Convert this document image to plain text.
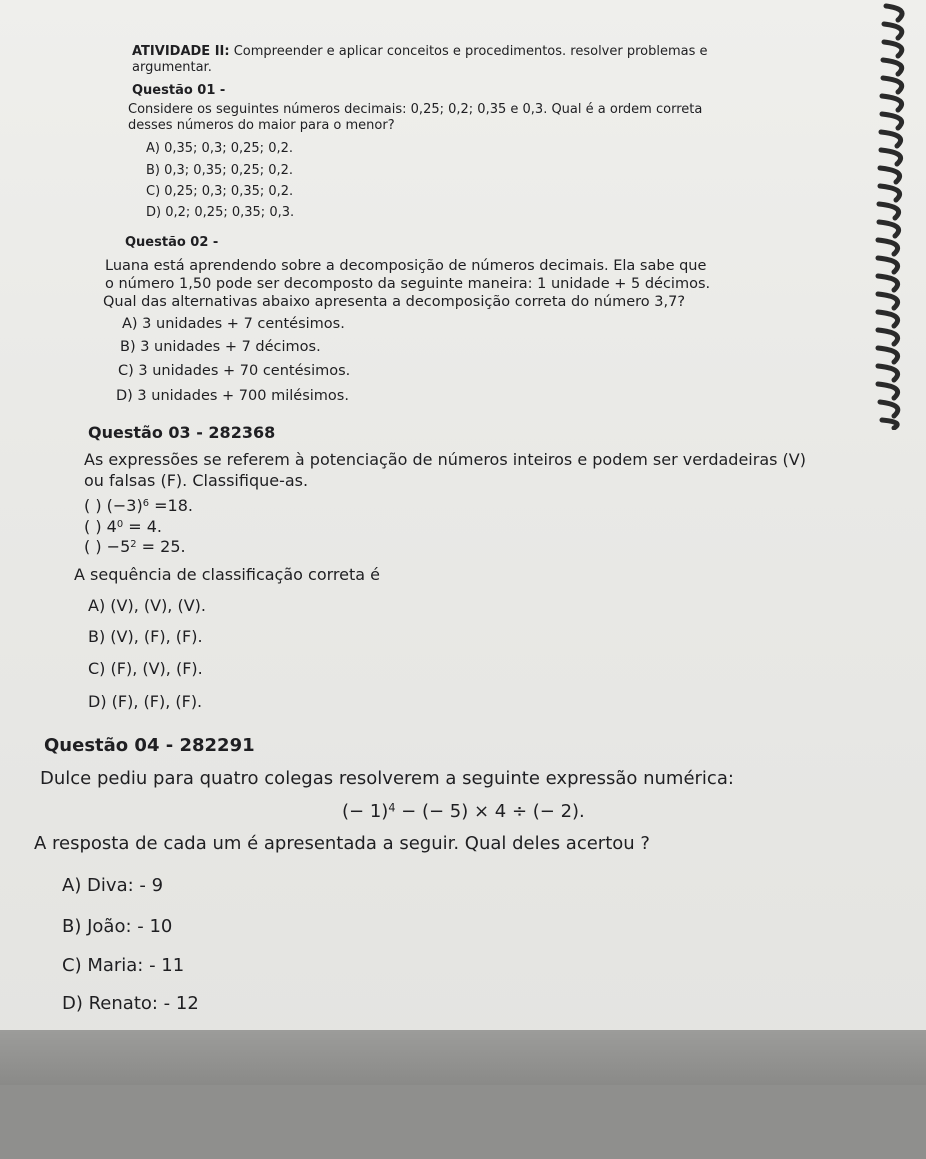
ATIVIDADE II: Compreender e aplicar conceitos e procedimentos. resolver problemas e
argumentar.
Questão 01 -
Considere os seguintes números decimais: 0,25; 0,2; 0,35 e 0,3. Qual é a ordem correta
desses números do maior para o menor?
A) 0,35; 0,3; 0,25; 0,2.
B) 0,3; 0,35; 0,25; 0,2.
C) 0,25; 0,3; 0,35; 0,2.
D) 0,2; 0,25; 0,35; 0,3.
Questão 02 -
Luana está aprendendo sobre a decomposição de números decimais. Ela sabe que
o número 1,50 pode ser decomposto da seguinte maneira: 1 unidade + 5 décimos.
Qual das alternativas abaixo apresenta a decomposição correta do número 3,7?
A) 3 unidades + 7 centésimos.
B) 3 unidades + 7 décimos.
C) 3 unidades + 70 centésimos.
D) 3 unidades + 700 milésimos.
Questão 03 - 282368
As expressões se referem à potenciação de números inteiros e podem ser verdadeiras (V)
ou falsas (F). Classifique-as.
( ) $(-3)^6 =18$.
( ) $4^0 = 4$.
( ) $-5^2 = 25$.
A sequência de classificação correta é
A) (V), (V), (V).
B) (V), (F), (F).
C) (F), (V), (F).
D) (F), (F), (F).
Questão 04 - 282291
Dulce pediu para quatro colegas resolverem a seguinte expressão numérica:
(− 1)$^4$ − (− 5) × 4 ÷ (− 2).
A resposta de cada um é apresentada a seguir. Qual deles acertou ?
A) Diva: - 9
B) João: - 10
C) Maria: - 11
D) Renato: - 12
